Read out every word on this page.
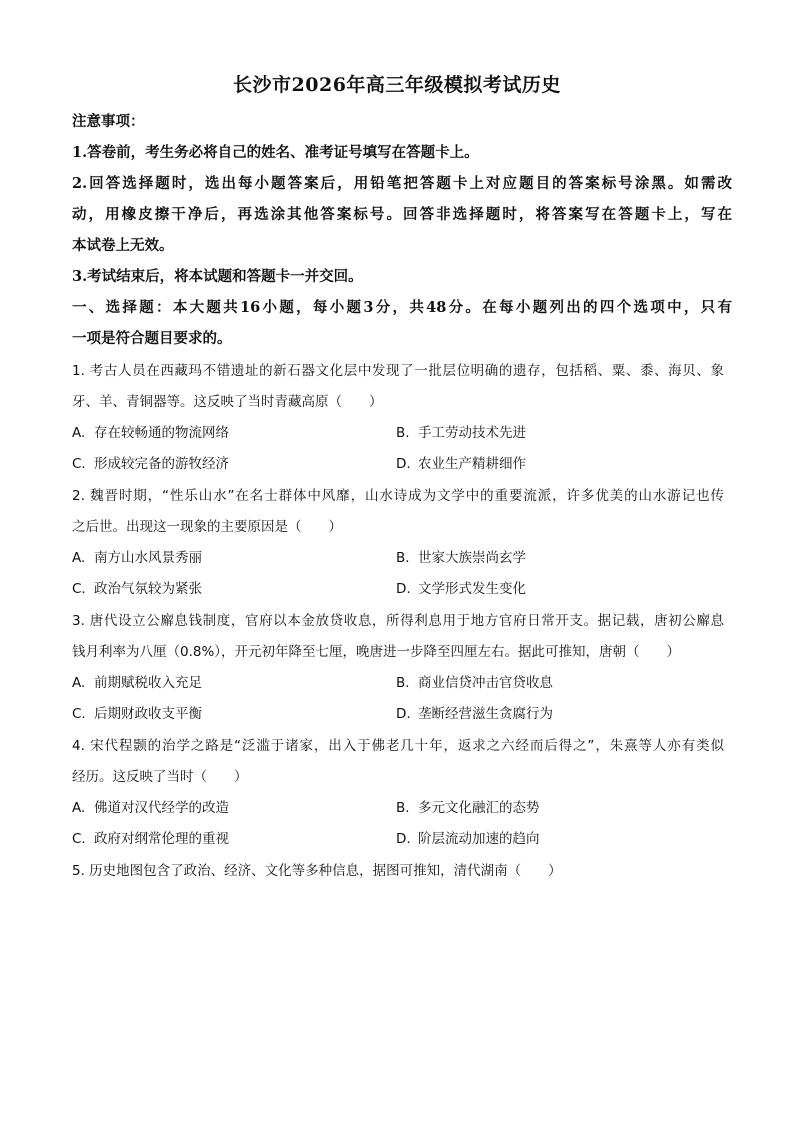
长沙市2026年高三年级模拟考试历史
注意事项：
1.答卷前，考生务必将自己的姓名、准考证号填写在答题卡上。
2.回答选择题时，选出每小题答案后，用铅笔把答题卡上对应题目的答案标号涂黑。如需改
动，用橡皮擦干净后，再选涂其他答案标号。回答非选择题时，将答案写在答题卡上，写在
本试卷上无效。
3.考试结束后，将本试题和答题卡一并交回。
一、选择题：本大题共16小题，每小题3分，共48分。在每小题列出的四个选项中，只有
一项是符合题目要求的。
1. 考古人员在西藏玛不错遗址的新石器文化层中发现了一批层位明确的遗存，包括稻、粟、黍、海贝、象
牙、羊、青铜器等。这反映了当时青藏高原（　　）
A. 存在较畅通的物流网络	B. 手工劳动技术先进
C. 形成较完备的游牧经济	D. 农业生产精耕细作
2. 魏晋时期，“性乐山水”在名士群体中风靡，山水诗成为文学中的重要流派，许多优美的山水游记也传
之后世。出现这一现象的主要原因是（　　）
A. 南方山水风景秀丽	B. 世家大族崇尚玄学
C. 政治气氛较为紧张	D. 文学形式发生变化
3. 唐代设立公廨息钱制度，官府以本金放贷收息，所得利息用于地方官府日常开支。据记载，唐初公廨息
钱月利率为八厘（0.8%），开元初年降至七厘，晚唐进一步降至四厘左右。据此可推知，唐朝（　　）
A. 前期赋税收入充足	B. 商业信贷冲击官贷收息
C. 后期财政收支平衡	D. 垄断经营滋生贪腐行为
4. 宋代程颢的治学之路是“泛滥于诸家，出入于佛老几十年，返求之六经而后得之”，朱熹等人亦有类似
经历。这反映了当时（　　）
A. 佛道对汉代经学的改造	B. 多元文化融汇的态势
C. 政府对纲常伦理的重视	D. 阶层流动加速的趋向
5. 历史地图包含了政治、经济、文化等多种信息，据图可推知，清代湖南（　　）
